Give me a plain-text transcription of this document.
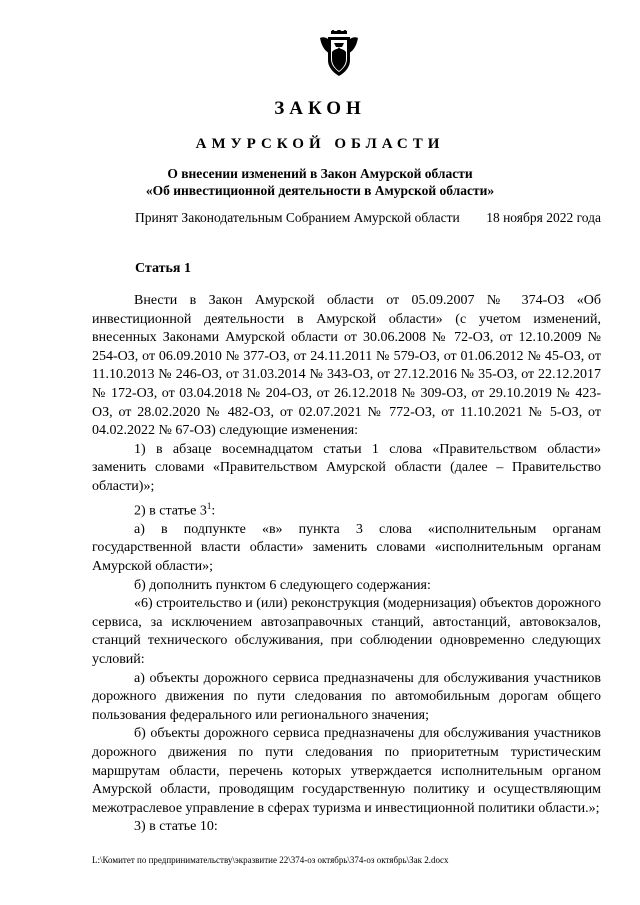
ЗАКОН
АМУРСКОЙ ОБЛАСТИ
О внесении изменений в Закон Амурской области
«Об инвестиционной деятельности в Амурской области»
Принят Законодательным Собранием Амурской области 18 ноября 2022 года
Статья 1

Внести в Закон Амурской области от 05.09.2007 № 374-ОЗ «Об инвестиционной деятельности в Амурской области» (с учетом изменений, внесенных Законами Амурской области от 30.06.2008 № 72-ОЗ, от 12.10.2009 № 254-ОЗ, от 06.09.2010 № 377-ОЗ, от 24.11.2011 № 579-ОЗ, от 01.06.2012 № 45-ОЗ, от 11.10.2013 № 246-ОЗ, от 31.03.2014 № 343-ОЗ, от 27.12.2016 № 35-ОЗ, от 22.12.2017 № 172-ОЗ, от 03.04.2018 № 204-ОЗ, от 26.12.2018 № 309-ОЗ, от 29.10.2019 № 423-ОЗ, от 28.02.2020 № 482-ОЗ, от 02.07.2021 № 772-ОЗ, от 11.10.2021 № 5-ОЗ, от 04.02.2022 № 67-ОЗ) следующие изменения:

1) в абзаце восемнадцатом статьи 1 слова «Правительством области» заменить словами «Правительством Амурской области (далее – Правительство области)»;

2) в статье $3^1$:

а) в подпункте «в» пункта 3 слова «исполнительным органам государственной власти области» заменить словами «исполнительным органам Амурской области»;

б) дополнить пунктом 6 следующего содержания:

«6) строительство и (или) реконструкция (модернизация) объектов дорожного сервиса, за исключением автозаправочных станций, автостанций, автовокзалов, станций технического обслуживания, при соблюдении одновременно следующих условий:

а) объекты дорожного сервиса предназначены для обслуживания участников дорожного движения по пути следования по автомобильным дорогам общего пользования федерального или регионального значения;

б) объекты дорожного сервиса предназначены для обслуживания участников дорожного движения по пути следования по приоритетным туристическим маршрутам области, перечень которых утверждается исполнительным органом Амурской области, проводящим государственную политику и осуществляющим межотраслевое управление в сферах туризма и инвестиционной политики области.»;

3) в статье 10:

L:\Комитет по предпринимательству\экразвитие 22\374-оз октябрь\374-оз октябрь\Зак 2.docx
